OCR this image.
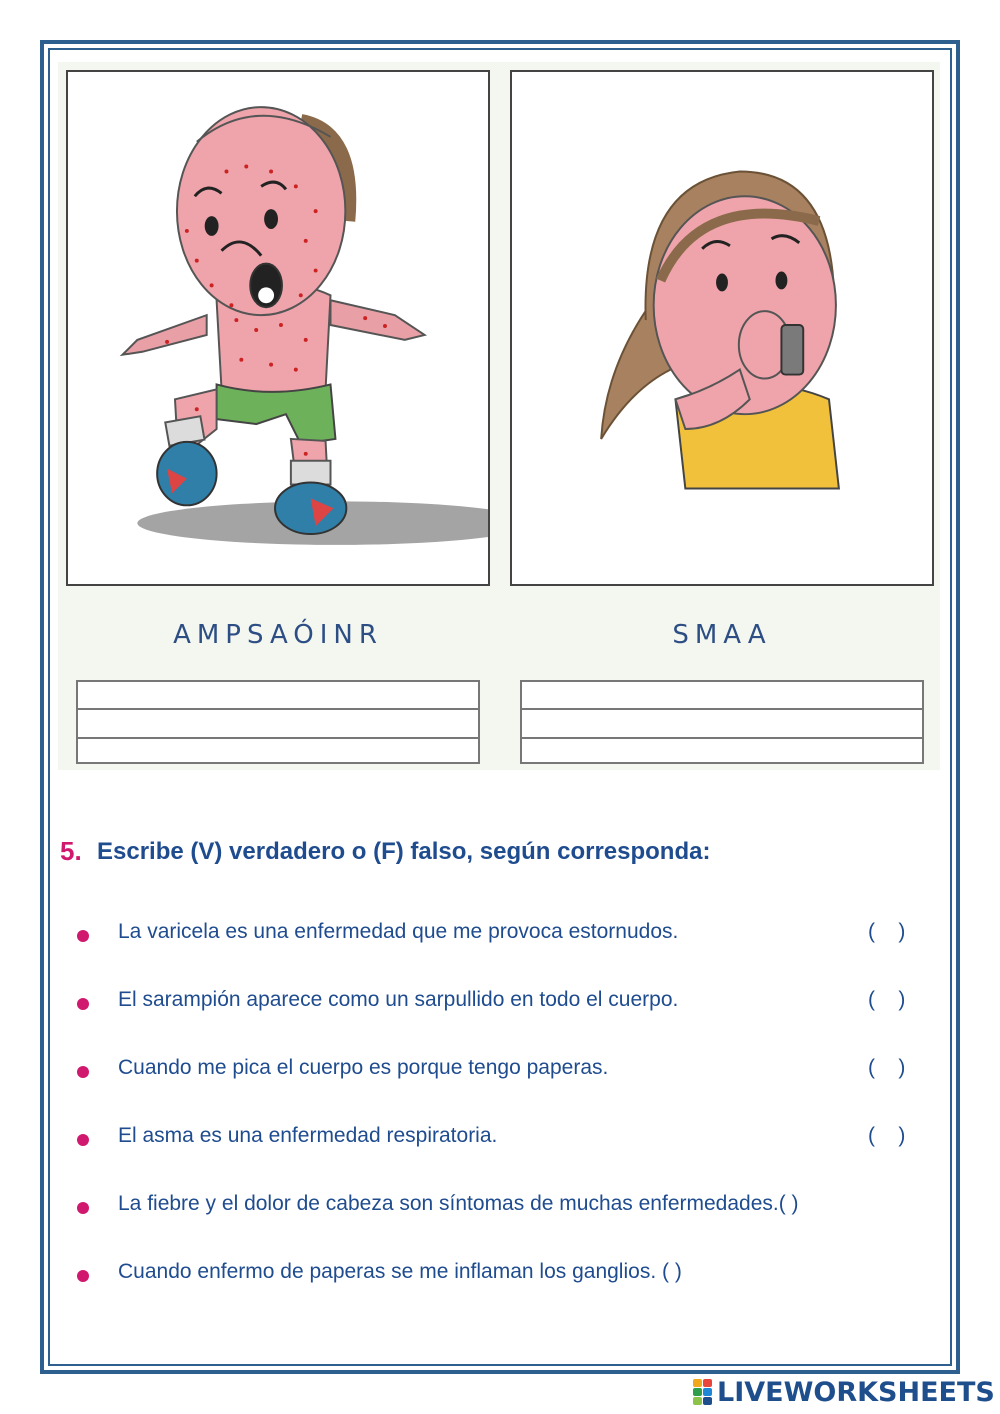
AMPSAÓINR	SMAA
5. Escribe (V) verdadero o (F) falso, según corresponda:
La varicela es una enfermedad que me provoca estornudos.	(    )
El sarampión aparece como un sarpullido en todo el cuerpo.	(    )
Cuando me pica el cuerpo es porque tengo paperas.	(    )
El asma es una enfermedad respiratoria.	(    )
La fiebre y el dolor de cabeza son síntomas de muchas enfermedades.( )
Cuando enfermo de paperas se me inflaman los ganglios. ( )
LIVEWORKSHEETS
